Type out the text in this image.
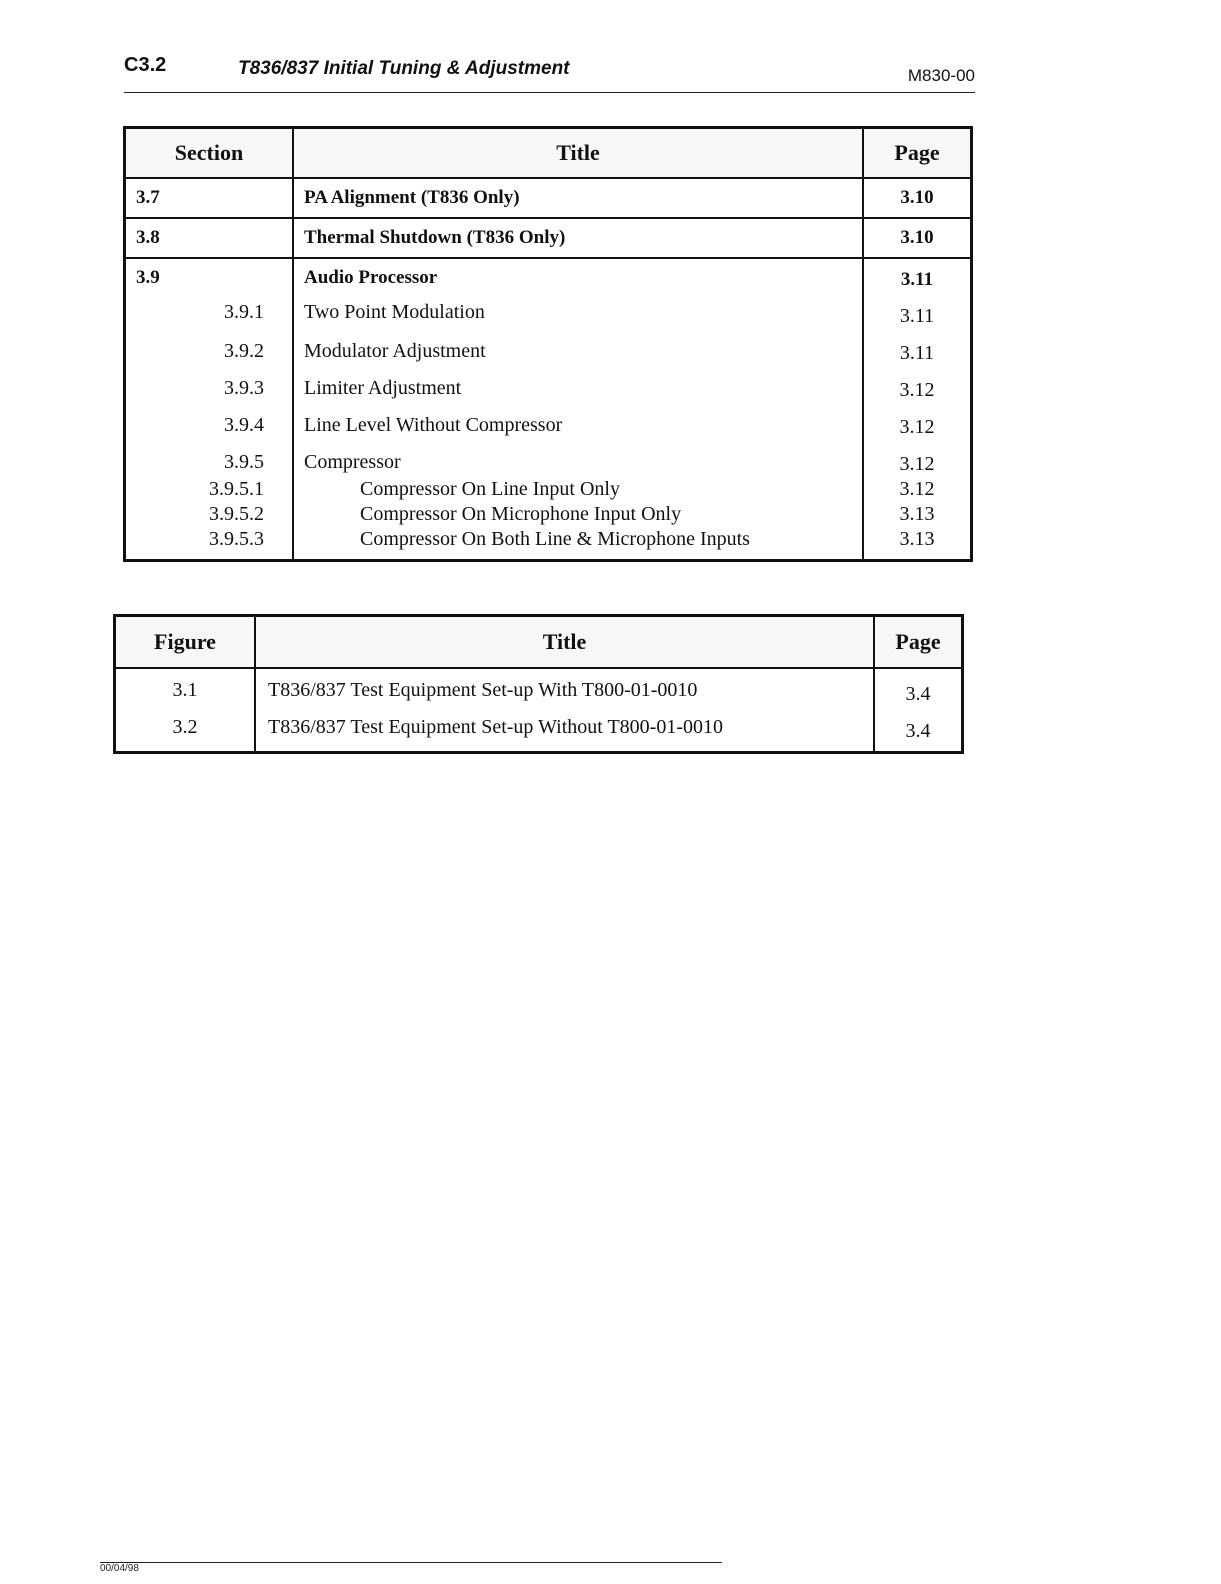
C3.2	T836/837 Initial Tuning & Adjustment	M830-00
Section	Title	Page
3.7	PA Alignment (T836 Only)	3.10
3.8	Thermal Shutdown (T836 Only)	3.10
3.9	Audio Processor	3.11
3.9.1	Two Point Modulation	3.11
3.9.2	Modulator Adjustment	3.11
3.9.3	Limiter Adjustment	3.12
3.9.4	Line Level Without Compressor	3.12
3.9.5	Compressor	3.12
3.9.5.1	Compressor On Line Input Only	3.12
3.9.5.2	Compressor On Microphone Input Only	3.13
3.9.5.3	Compressor On Both Line & Microphone Inputs	3.13
Figure	Title	Page
3.1	T836/837 Test Equipment Set-up With T800-01-0010	3.4
3.2	T836/837 Test Equipment Set-up Without T800-01-0010	3.4
00/04/98
